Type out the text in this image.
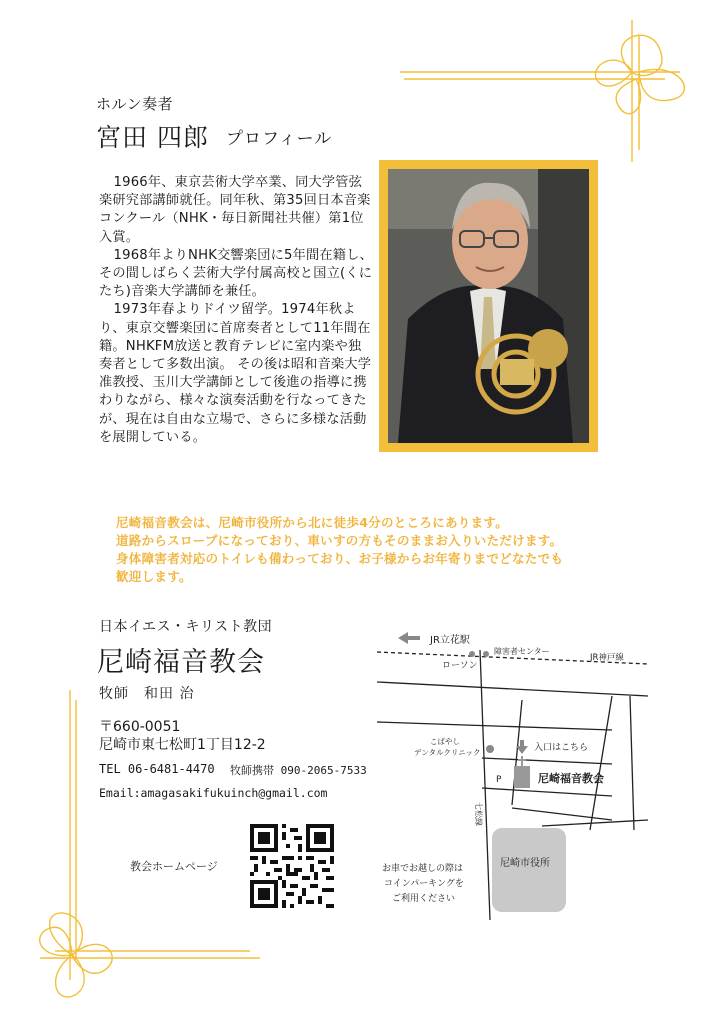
ホルン奏者
宮田 四郎 プロフィール

1966年、東京芸術大学卒業、同大学管弦楽研究部講師就任。同年秋、第35回日本音楽コンクール（NHK・毎日新聞社共催）第1位入賞。

1968年よりNHK交響楽団に5年間在籍し、その間しばらく芸術大学付属高校と国立(くにたち)音楽大学講師を兼任。

1973年春よりドイツ留学。1974年秋より、東京交響楽団に首席奏者として11年間在籍。NHKFM放送と教育テレビに室内楽や独奏者として多数出演。 その後は昭和音楽大学准教授、玉川大学講師として後進の指導に携わりながら、様々な演奏活動を行なってきたが、現在は自由な立場で、さらに多様な活動を展開している。

尼崎福音教会は、尼崎市役所から北に徒歩4分のところにあります。

道路からスロープになっており、車いすの方もそのままお入りいただけます。

身体障害者対応のトイレも備わっており、お子様からお年寄りまでどなたでも

歓迎します。

日本イエス・キリスト教団
尼崎福音教会
牧師　和田 治
〒660-0051
尼崎市東七松町1丁目12-2
TEL 06-6481-4470 牧師携帯 090-2065-7533
Email:amagasakifukuinch@gmail.com
教会ホームページ
JR立花駅
障害者センター
ローソン
JR神戸線
こばやし
デンタルクリニック	入口はこちら
P	尼崎福音教会
七松線
尼崎市役所
お車でお越しの際は
コインパーキングを
ご利用ください
